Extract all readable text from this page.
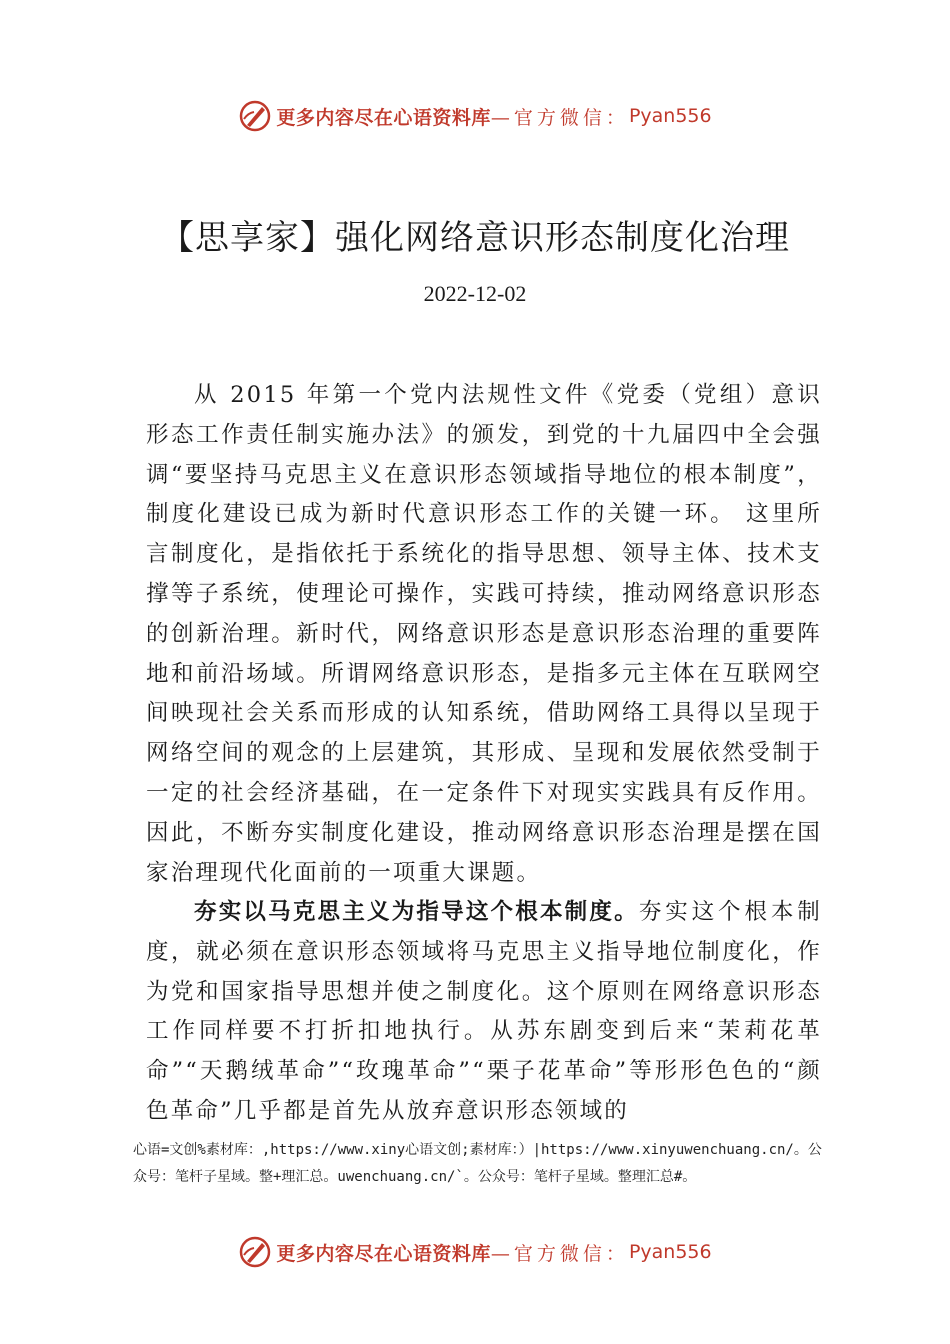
更多内容尽在心语资料库 —官方微信： Pyan556
【思享家】强化网络意识形态制度化治理
2022-12-02

从 2015 年第一个党内法规性文件《党委（党组）意识形态工作责任制实施办法》的颁发，到党的十九届四中全会强调“要坚持马克思主义在意识形态领域指导地位的根本制度”，制度化建设已成为新时代意识形态工作的关键一环。 这里所言制度化，是指依托于系统化的指导思想、领导主体、技术支撑等子系统，使理论可操作，实践可持续，推动网络意识形态的创新治理。新时代，网络意识形态是意识形态治理的重要阵地和前沿场域。所谓网络意识形态，是指多元主体在互联网空间映现社会关系而形成的认知系统，借助网络工具得以呈现于网络空间的观念的上层建筑，其形成、呈现和发展依然受制于一定的社会经济基础，在一定条件下对现实实践具有反作用。因此，不断夯实制度化建设，推动网络意识形态治理是摆在国家治理现代化面前的一项重大课题。

夯实以马克思主义为指导这个根本制度。夯实这个根本制度，就必须在意识形态领域将马克思主义指导地位制度化，作为党和国家指导思想并使之制度化。这个原则在网络意识形态工作同样要不打折扣地执行。从苏东剧变到后来“茉莉花革命”“天鹅绒革命”“玫瑰革命”“栗子花革命”等形形色色的“颜色革命”几乎都是首先从放弃意识形态领域的

心语=文创%素材库：,https://www.xiny心语文创;素材库：）|https://www.xinyuwenchuang.cn/。公众号：笔杆子星域。整+理汇总。uwenchuang.cn/`。公众号：笔杆子星域。整理汇总#。

更多内容尽在心语资料库 —官方微信： Pyan556
